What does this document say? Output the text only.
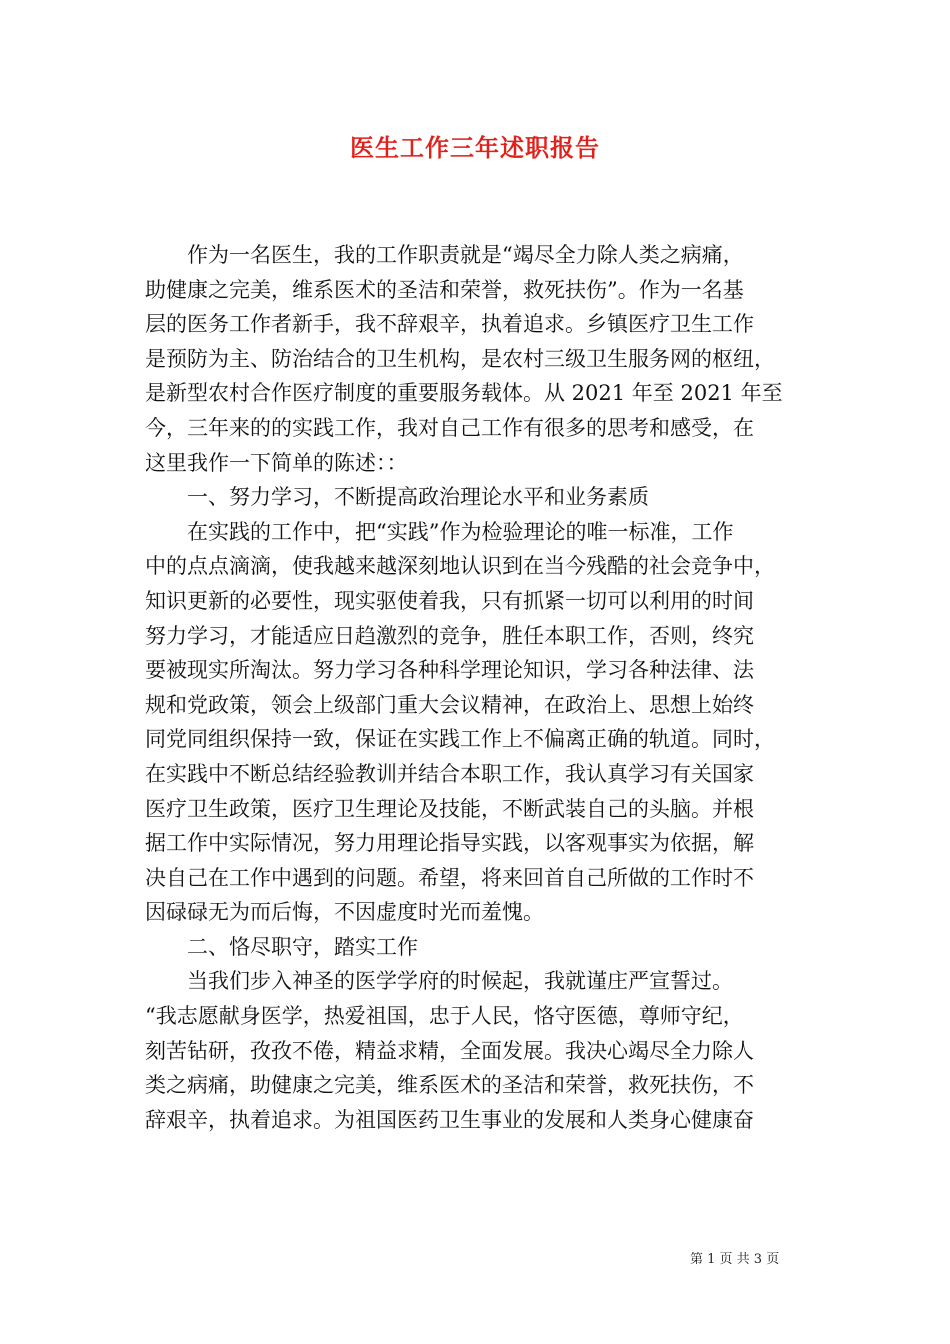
医生工作三年述职报告
作为一名医生，我的工作职责就是“竭尽全力除人类之病痛，
助健康之完美，维系医术的圣洁和荣誉，救死扶伤”。作为一名基
层的医务工作者新手，我不辞艰辛，执着追求。乡镇医疗卫生工作
是预防为主、防治结合的卫生机构，是农村三级卫生服务网的枢纽，
是新型农村合作医疗制度的重要服务载体。从 2021 年至 2021 年至
今，三年来的的实践工作，我对自己工作有很多的思考和感受，在
这里我作一下简单的陈述：：
一、努力学习，不断提高政治理论水平和业务素质
在实践的工作中，把“实践”作为检验理论的唯一标准，工作
中的点点滴滴，使我越来越深刻地认识到在当今残酷的社会竞争中，
知识更新的必要性，现实驱使着我，只有抓紧一切可以利用的时间
努力学习，才能适应日趋激烈的竞争，胜任本职工作，否则，终究
要被现实所淘汰。努力学习各种科学理论知识，学习各种法律、法
规和党政策，领会上级部门重大会议精神，在政治上、思想上始终
同党同组织保持一致，保证在实践工作上不偏离正确的轨道。同时，
在实践中不断总结经验教训并结合本职工作，我认真学习有关国家
医疗卫生政策，医疗卫生理论及技能，不断武装自己的头脑。并根
据工作中实际情况，努力用理论指导实践，以客观事实为依据，解
决自己在工作中遇到的问题。希望，将来回首自己所做的工作时不
因碌碌无为而后悔，不因虚度时光而羞愧。
二、恪尽职守，踏实工作
当我们步入神圣的医学学府的时候起，我就谨庄严宣誓过。
“我志愿献身医学，热爱祖国，忠于人民，恪守医德，尊师守纪，
刻苦钻研，孜孜不倦，精益求精，全面发展。我决心竭尽全力除人
类之病痛，助健康之完美，维系医术的圣洁和荣誉，救死扶伤，不
辞艰辛，执着追求。为祖国医药卫生事业的发展和人类身心健康奋
第 1 页 共 3 页
